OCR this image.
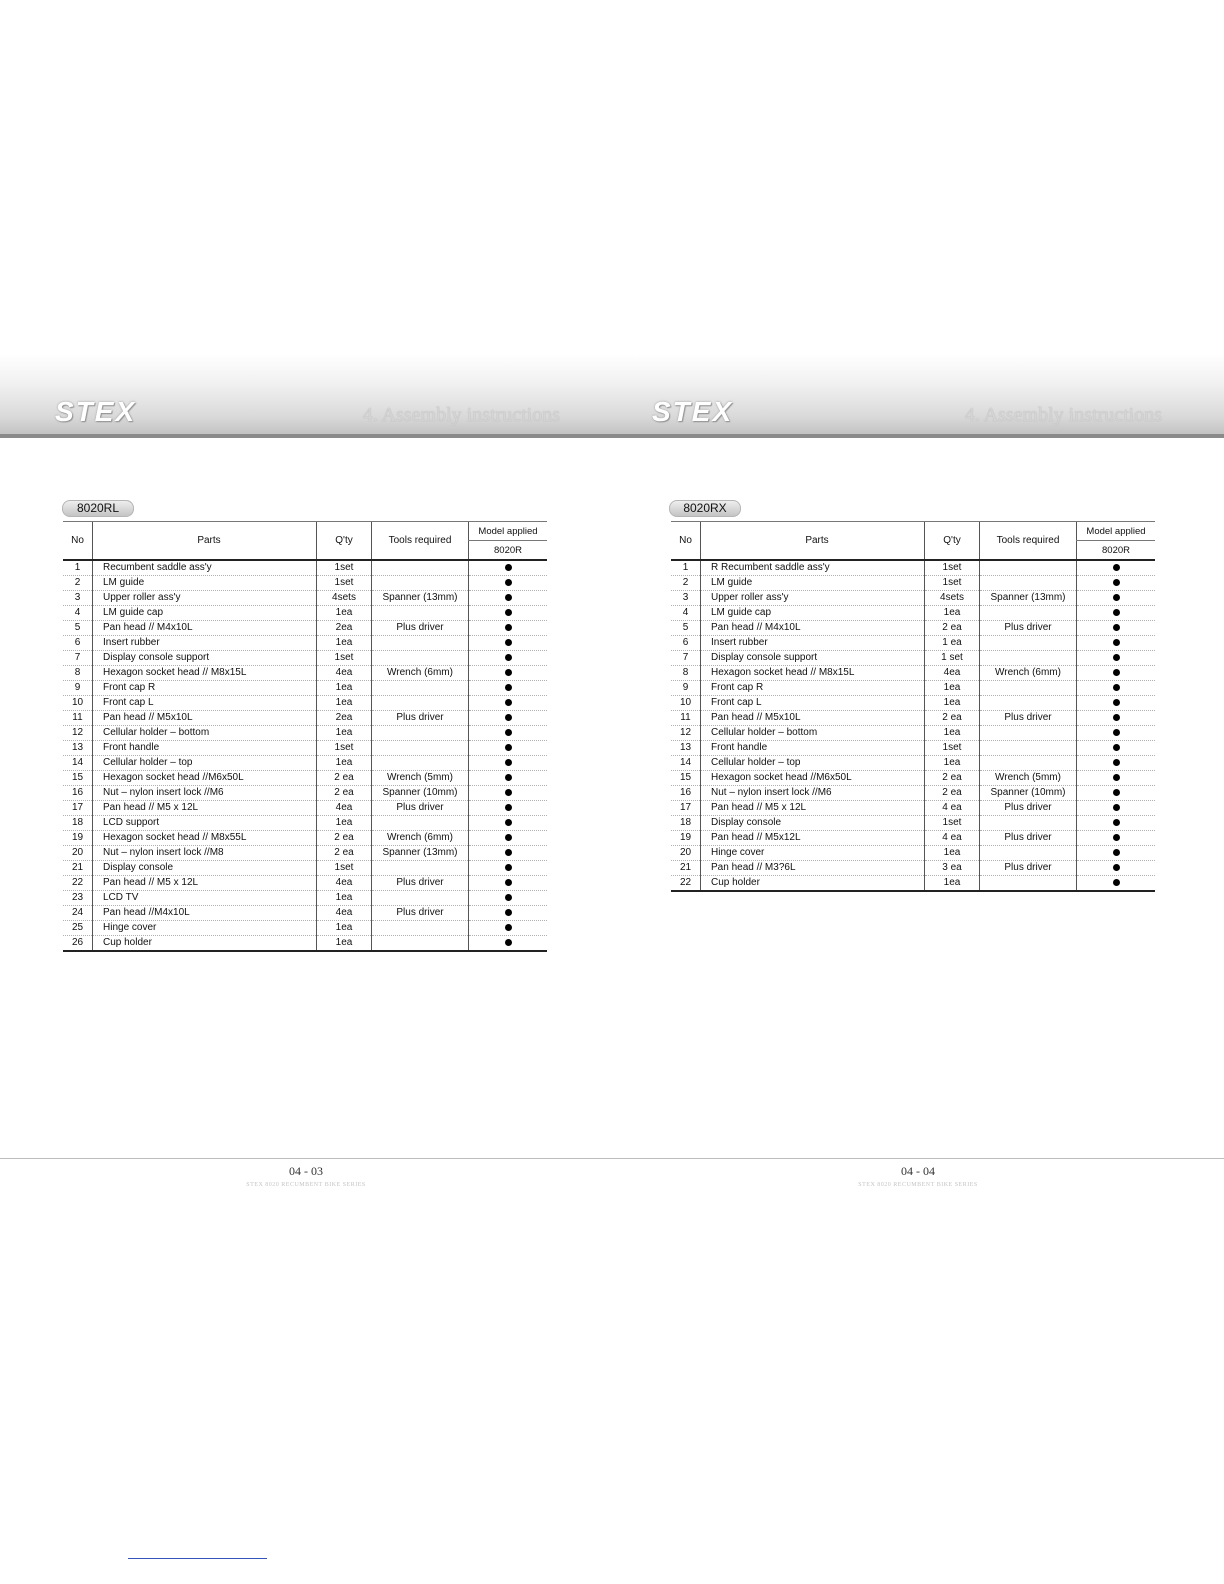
STEX	4. Assembly instructions
8020RL
No	Parts	Q'ty	Tools required	Model applied
				8020R
1	Recumbent saddle ass'y	1set		
2	LM guide	1set		
3	Upper roller ass'y	4sets	Spanner (13mm)	
4	LM guide cap	1ea		
5	Pan head // M4x10L	2ea	Plus driver	
6	Insert rubber	1ea		
7	Display console support	1set		
8	Hexagon socket head // M8x15L	4ea	Wrench (6mm)	
9	Front cap R	1ea		
10	Front cap L	1ea		
11	Pan head // M5x10L	2ea	Plus driver	
12	Cellular holder – bottom	1ea		
13	Front handle	1set		
14	Cellular holder – top	1ea		
15	Hexagon socket head //M6x50L	2 ea	Wrench (5mm)	
16	Nut – nylon insert lock //M6	2 ea	Spanner (10mm)	
17	Pan head // M5 x 12L	4ea	Plus driver	
18	LCD support	1ea		
19	Hexagon socket head // M8x55L	2 ea	Wrench (6mm)	
20	Nut – nylon insert lock //M8	2 ea	Spanner (13mm)	
21	Display console	1set		
22	Pan head // M5 x 12L	4ea	Plus driver	
23	LCD TV	1ea		
24	Pan head //M4x10L	4ea	Plus driver	
25	Hinge cover	1ea		
26	Cup holder	1ea		
04 - 03
STEX 8020 RECUMBENT BIKE SERIES
STEX	4. Assembly instructions
8020RX
No	Parts	Q'ty	Tools required	Model applied
				8020R
1	R Recumbent saddle ass'y	1set		
2	LM guide	1set		
3	Upper roller ass'y	4sets	Spanner (13mm)	
4	LM guide cap	1ea		
5	Pan head // M4x10L	2 ea	Plus driver	
6	Insert rubber	1 ea		
7	Display console support	1 set		
8	Hexagon socket head // M8x15L	4ea	Wrench (6mm)	
9	Front cap R	1ea		
10	Front cap L	1ea		
11	Pan head // M5x10L	2 ea	Plus driver	
12	Cellular holder – bottom	1ea		
13	Front handle	1set		
14	Cellular holder – top	1ea		
15	Hexagon socket head //M6x50L	2 ea	Wrench (5mm)	
16	Nut – nylon insert lock //M6	2 ea	Spanner (10mm)	
17	Pan head // M5 x 12L	4 ea	Plus driver	
18	Display console	1set		
19	Pan head // M5x12L	4 ea	Plus driver	
20	Hinge cover	1ea		
21	Pan head // M3?6L	3 ea	Plus driver	
22	Cup holder	1ea		
04 - 04
STEX 8020 RECUMBENT BIKE SERIES
